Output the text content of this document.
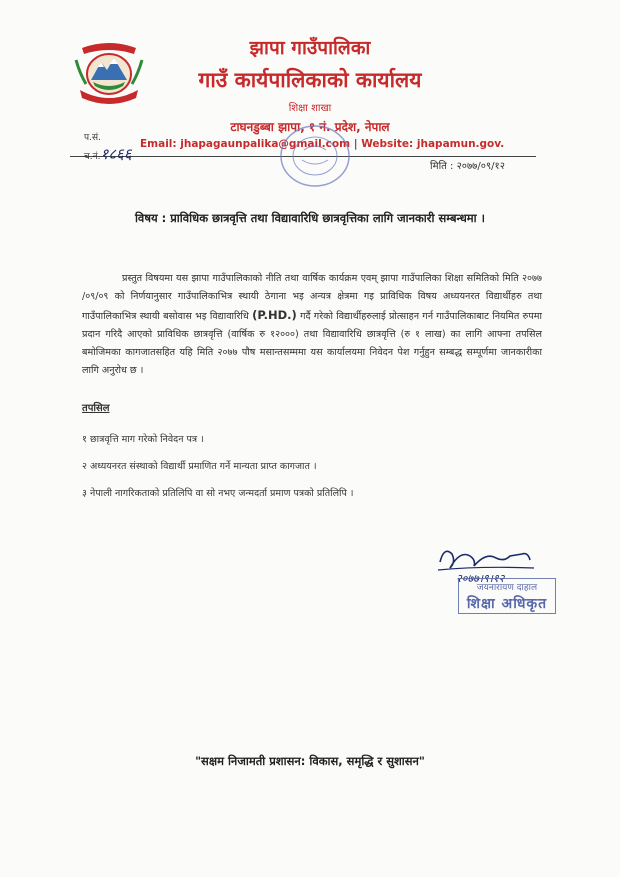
झापा गाउँपालिका
गाउँ कार्यपालिकाको कार्यालय
शिक्षा शाखा
टाघनडुब्बा झापा, १ नं. प्रदेश, नेपाल
Email: jhapagaunpalika@gmail.com | Website: jhapamun.gov.
प.सं.
च.नं.१८६६
मिति : २०७७/०९/१२
विषय : प्राविधिक छात्रवृत्ति तथा विद्यावारिधि छात्रवृत्तिका लागि जानकारी सम्बन्धमा ।
प्रस्तुत विषयमा यस झापा गाउँपालिकाको नीति तथा वार्षिक कार्यक्रम एवम् झापा गाउँपालिका शिक्षा समितिको मिति २०७७ /०९/०९ को निर्णयानुसार गाउँपालिकाभित्र स्थायी ठेगाना भइ अन्यत्र क्षेत्रमा गइ प्राविधिक विषय अध्ययनरत विद्यार्थीहरु तथा गाउँपालिकाभित्र स्थायी बसोवास भइ विद्यावारिधि (P.HD.) गर्दै गरेको विद्यार्थीहरुलाई प्रोत्साहन गर्न गाउँपालिकाबाट नियमित रुपमा प्रदान गरिदै आएको प्राविधिक छात्रवृत्ति (वार्षिक रु १२०००) तथा विद्यावारिधि छात्रवृत्ति (रु १ लाख) का लागि आफ्ना तपसिल बमोजिमका कागजातसहित यहि मिति २०७७ पौष मसान्तसम्ममा यस कार्यालयमा निवेदन पेश गर्नुहुन सम्बद्ध सम्पूर्णमा जानकारीका लागि अनुरोध छ ।
तपसिल
१ छात्रवृत्ति माग गरेको निवेदन पत्र ।
२ अध्ययनरत संस्थाको विद्यार्थी प्रमाणित गर्ने मान्यता प्राप्त कागजात ।
३ नेपाली नागरिकताको प्रतिलिपि वा सो नभए जन्मदर्ता प्रमाण पत्रको प्रतिलिपि ।
२०७७।९।१२
जयनारायण दाहाल
शिक्षा अधिकृत
"सक्षम निजामती प्रशासन: विकास, समृद्धि र सुशासन"
